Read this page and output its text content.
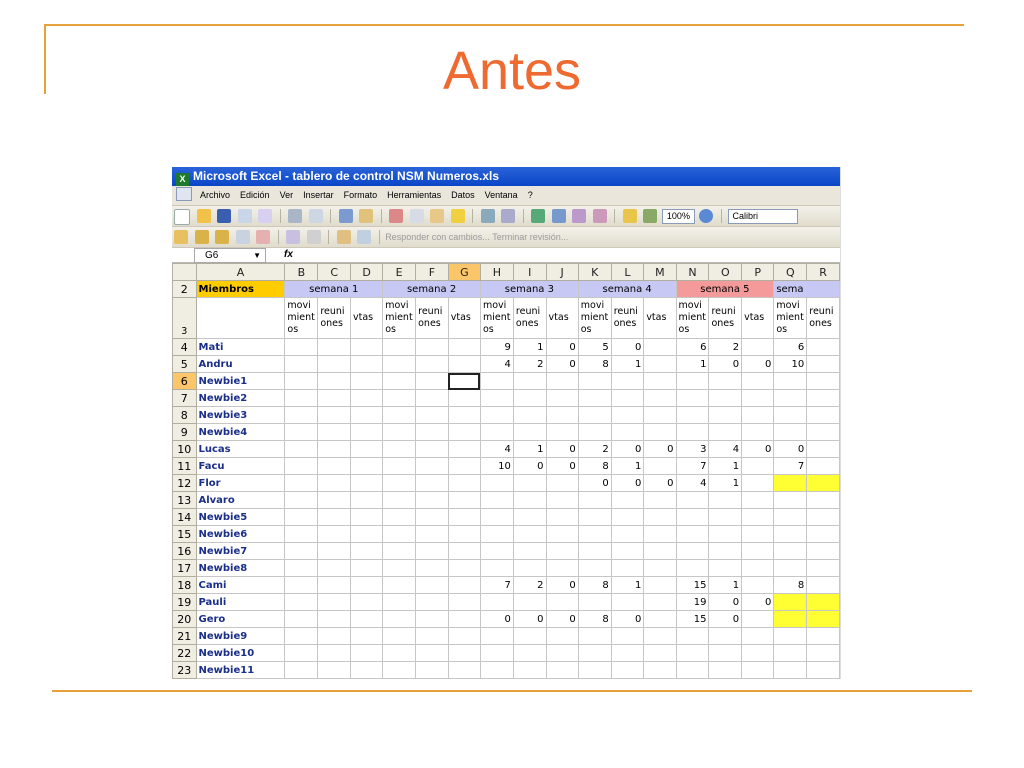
Antes
X Microsoft Excel - tablero de control NSM Numeros.xls
Archivo Edición Ver Insertar Formato Herramientas Datos Ventana ?
100%	Calibri
Responder con cambios... Terminar revisión...
G6	▼ fx
	A	B	C	D	E	F	G	H	I	J	K	L	M	N	O	P	Q	R
2	Miembros	semana 1			semana 2			semana 3			semana 4			semana 5			sema	
3		movi mient os	reuni ones	vtas	movi mient os	reuni ones	vtas	movi mient os	reuni ones	vtas	movi mient os	reuni ones	vtas	movi mient os	reuni ones	vtas	movi mient os	reuni ones
4	Mati							9	1	0	5	0		6	2		6	
5	Andru							4	2	0	8	1		1	0	0	10	
6	Newbie1																	
7	Newbie2																	
8	Newbie3																	
9	Newbie4																	
10	Lucas							4	1	0	2	0	0	3	4	0	0	
11	Facu							10	0	0	8	1		7	1		7	
12	Flor										0	0	0	4	1			
13	Alvaro																	
14	Newbie5																	
15	Newbie6																	
16	Newbie7																	
17	Newbie8																	
18	Cami							7	2	0	8	1		15	1		8	
19	Pauli													19	0	0		
20	Gero							0	0	0	8	0		15	0			
21	Newbie9																	
22	Newbie10																	
23	Newbie11																	
